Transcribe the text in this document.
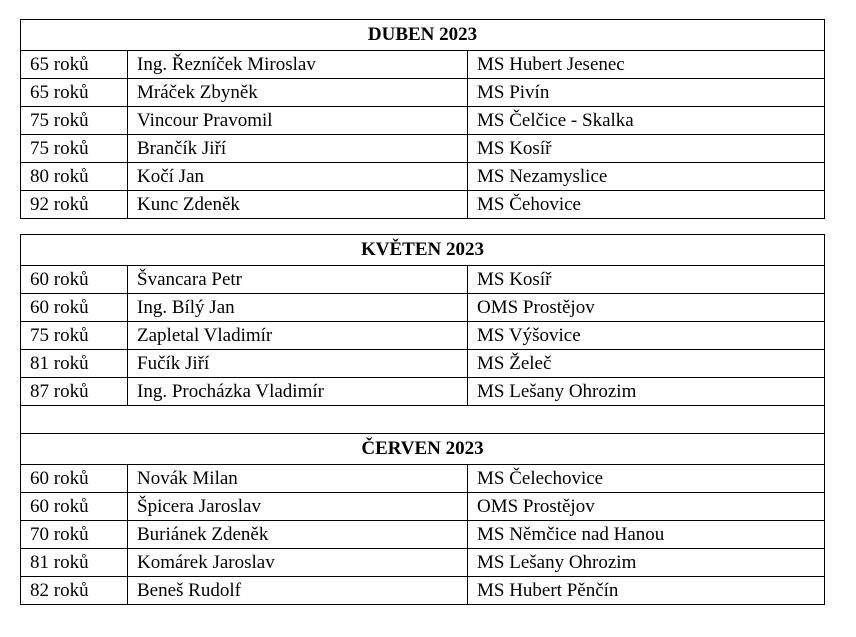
DUBEN 2023		
65 roků	Ing. Řezníček Miroslav	MS Hubert Jesenec
65 roků	Mráček Zbyněk	MS Pivín
75 roků	Vincour Pravomil	MS Čelčice - Skalka
75 roků	Brančík Jiří	MS Kosíř
80 roků	Kočí Jan	MS Nezamyslice
92 roků	Kunc Zdeněk	MS Čehovice
KVĚTEN 2023		
60 roků	Švancara Petr	MS Kosíř
60 roků	Ing. Bílý Jan	OMS Prostějov
75 roků	Zapletal Vladimír	MS Výšovice
81 roků	Fučík Jiří	MS Želeč
87 roků	Ing. Procházka Vladimír	MS Lešany Ohrozim

ČERVEN 2023		
60 roků	Novák Milan	MS Čelechovice
60 roků	Špicera Jaroslav	OMS Prostějov
70 roků	Buriánek Zdeněk	MS Němčice nad Hanou
81 roků	Komárek Jaroslav	MS Lešany Ohrozim
82 roků	Beneš Rudolf	MS Hubert Pěnčín
